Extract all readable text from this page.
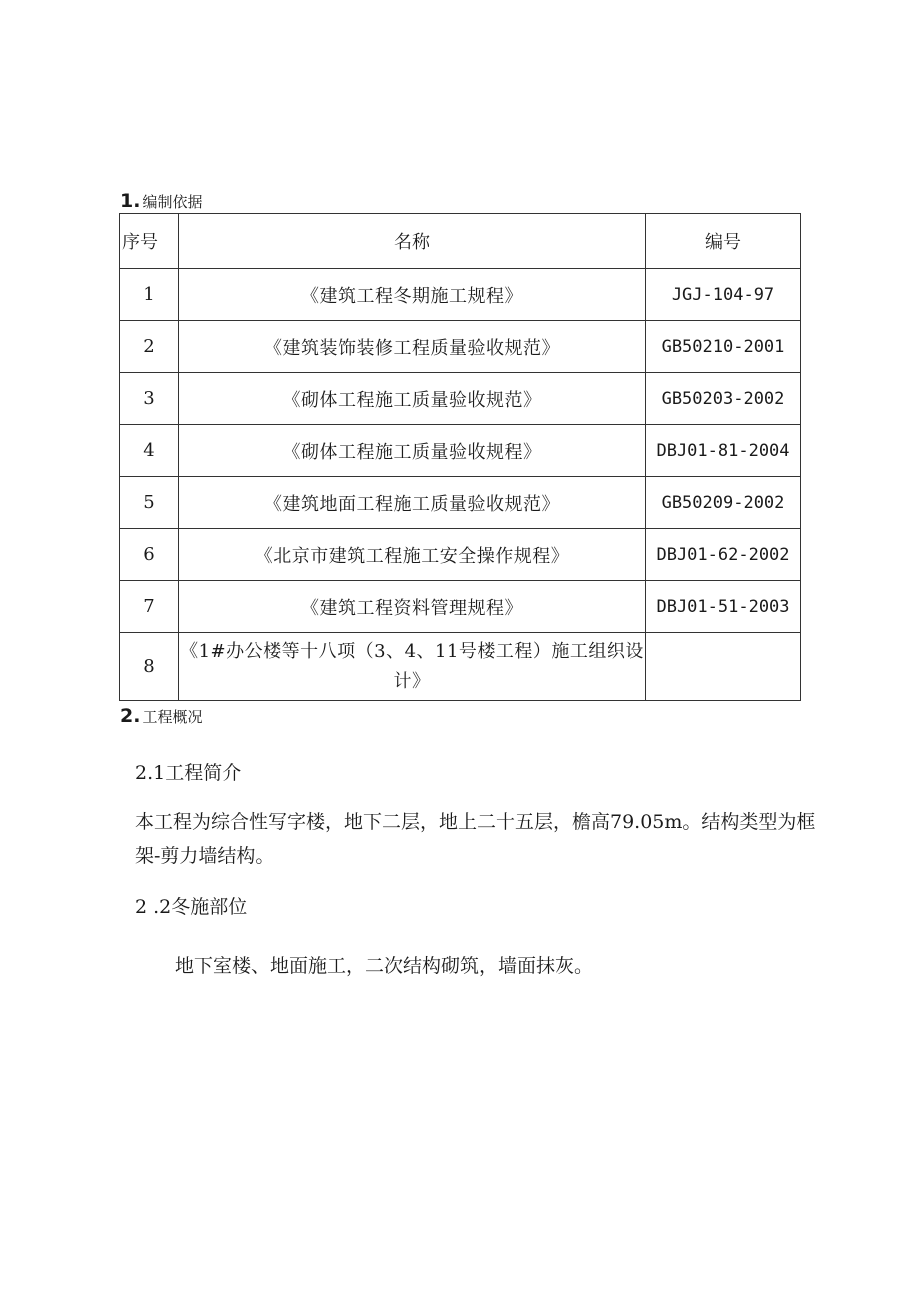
1. 编制依据
序号	名称	编号
1	《建筑工程冬期施工规程》	JGJ-104-97
2	《建筑装饰装修工程质量验收规范》	GB50210-2001
3	《砌体工程施工质量验收规范》	GB50203-2002
4	《砌体工程施工质量验收规程》	DBJ01-81-2004
5	《建筑地面工程施工质量验收规范》	GB50209-2002
6	《北京市建筑工程施工安全操作规程》	DBJ01-62-2002
7	《建筑工程资料管理规程》	DBJ01-51-2003
8	《1#办公楼等十八项（3、4、11号楼工程）施工组织设计》	
2. 工程概况
2.1工程简介
本工程为综合性写字楼，地下二层，地上二十五层，檐高79.05m。结构类型为框架-剪力墙结构。
2 .2冬施部位
地下室楼、地面施工，二次结构砌筑，墙面抹灰。
